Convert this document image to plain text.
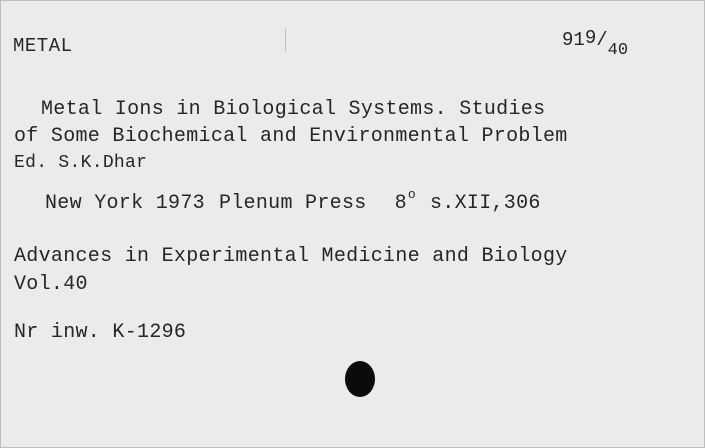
METAL	919/40
Metal Ions in Biological Systems. Studies
of Some Biochemical and Environmental Problem
Ed. S.K.Dhar
New York 1973 Plenum Press 8$^o$ s.XII,306
Advances in Experimental Medicine and Biology
Vol.40
Nr inw. K-1296
